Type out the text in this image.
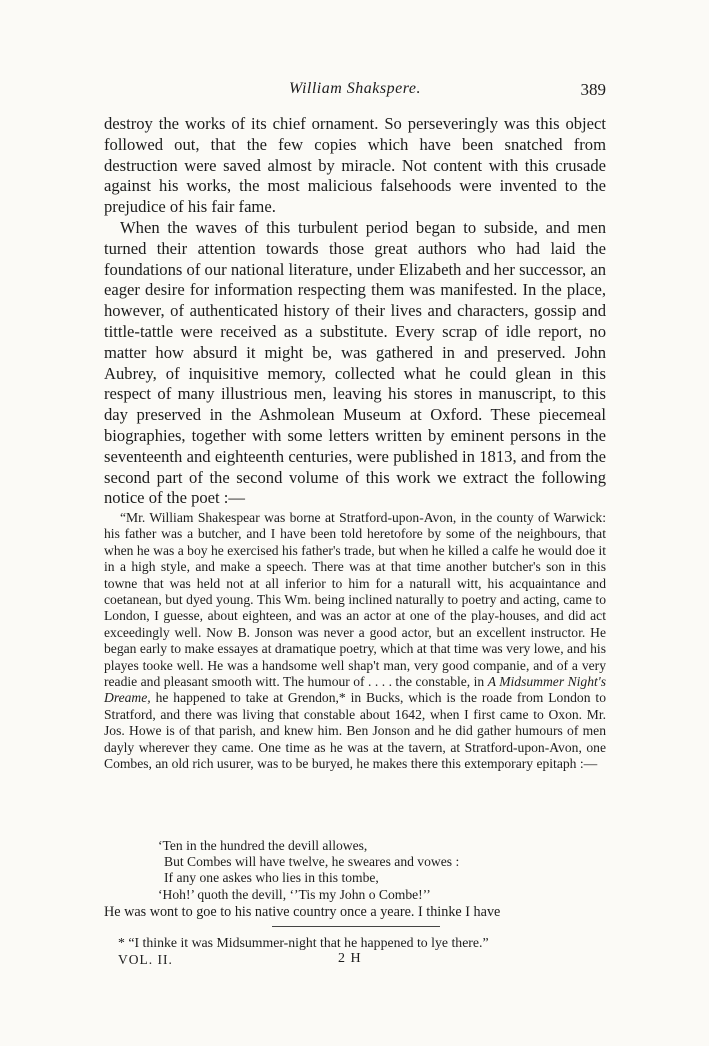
William Shakspere.	389

destroy the works of its chief ornament. So perseveringly was this object followed out, that the few copies which have been snatched from destruction were saved almost by miracle. Not content with this crusade against his works, the most malicious falsehoods were invented to the prejudice of his fair fame.

When the waves of this turbulent period began to subside, and men turned their attention towards those great authors who had laid the foundations of our national literature, under Elizabeth and her successor, an eager desire for information respecting them was manifested. In the place, however, of authenticated history of their lives and characters, gossip and tittle-tattle were received as a substitute. Every scrap of idle report, no matter how absurd it might be, was gathered in and preserved. John Aubrey, of inquisitive memory, collected what he could glean in this respect of many illustrious men, leaving his stores in manuscript, to this day preserved in the Ashmolean Museum at Oxford. These piecemeal biographies, together with some letters written by eminent persons in the seventeenth and eighteenth centuries, were published in 1813, and from the second part of the second volume of this work we extract the following notice of the poet :—

“Mr. William Shakespear was borne at Stratford-upon-Avon, in the county of Warwick: his father was a butcher, and I have been told heretofore by some of the neighbours, that when he was a boy he exercised his father's trade, but when he killed a calfe he would doe it in a high style, and make a speech. There was at that time another butcher's son in this towne that was held not at all inferior to him for a naturall witt, his acquaintance and coetanean, but dyed young. This Wm. being inclined naturally to poetry and acting, came to London, I guesse, about eighteen, and was an actor at one of the play-houses, and did act exceedingly well. Now B. Jonson was never a good actor, but an excellent instructor. He began early to make essayes at dramatique poetry, which at that time was very lowe, and his playes tooke well. He was a handsome well shap't man, very good companie, and of a very readie and pleasant smooth witt. The humour of . . . . the constable, in A Midsummer Night's Dreame, he happened to take at Grendon,* in Bucks, which is the roade from London to Stratford, and there was living that constable about 1642, when I first came to Oxon. Mr. Jos. Howe is of that parish, and knew him. Ben Jonson and he did gather humours of men dayly wherever they came. One time as he was at the tavern, at Stratford-upon-Avon, one Combes, an old rich usurer, was to be buryed, he makes there this extemporary epitaph :—

‘Ten in the hundred the devill allowes,
But Combes will have twelve, he sweares and vowes :
If any one askes who lies in this tombe,
‘Hoh!’ quoth the devill, ‘’Tis my John o Combe!’’
He was wont to goe to his native country once a yeare. I thinke I have
* “I thinke it was Midsummer-night that he happened to lye there.”
VOL. II.	2 H
